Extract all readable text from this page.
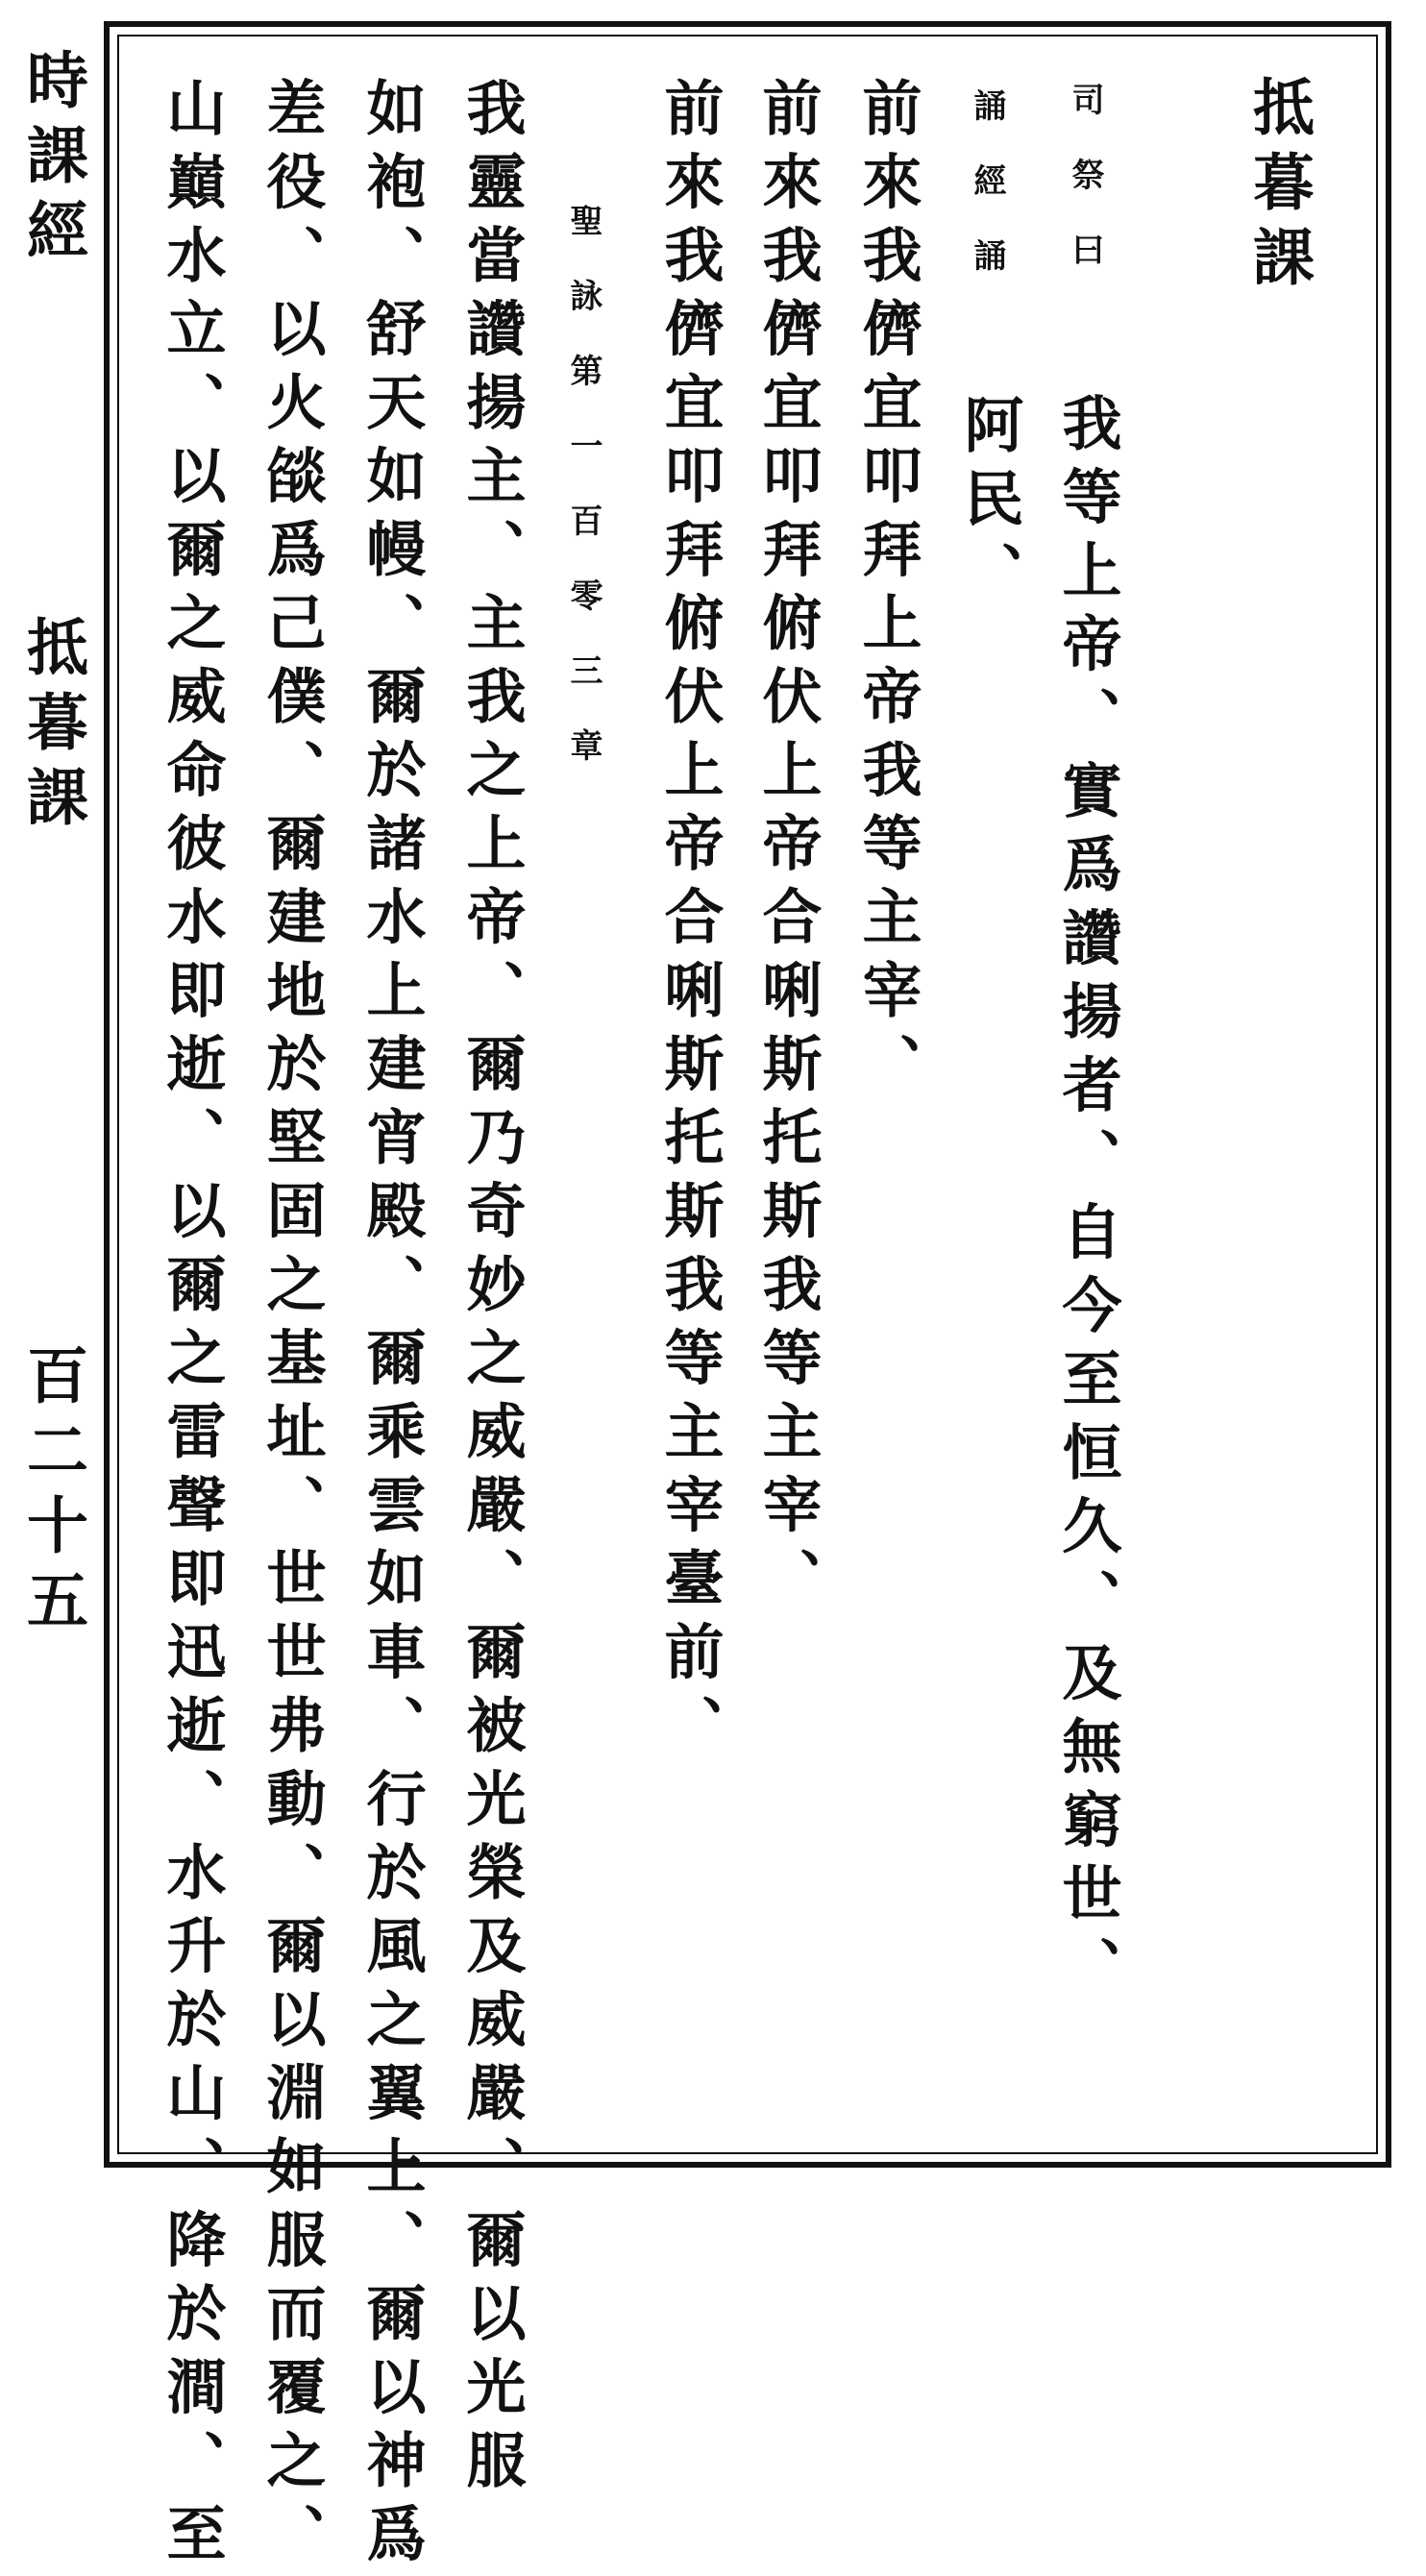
時課經
抵暮課
百二十五
抵暮課
司祭曰
我等上帝、實爲讚揚者、自今至恒久、及無窮世、
誦經誦
阿民、
前來我儕宜叩拜上帝我等主宰、
前來我儕宜叩拜俯伏上帝合唎斯托斯我等主宰、
前來我儕宜叩拜俯伏上帝合唎斯托斯我等主宰臺前、
聖詠第一百零三章
我靈當讚揚主、主我之上帝、爾乃奇妙之威嚴、爾被光榮及威嚴、爾以光服
如袍、舒天如幔、爾於諸水上建宵殿、爾乘雲如車、行於風之翼上、爾以神爲
差役、以火燄爲己僕、爾建地於堅固之基址、世世弗動、爾以淵如服而覆之、
山巔水立、以爾之威命彼水即逝、以爾之雷聲即迅逝、水升於山、降於澗、至
